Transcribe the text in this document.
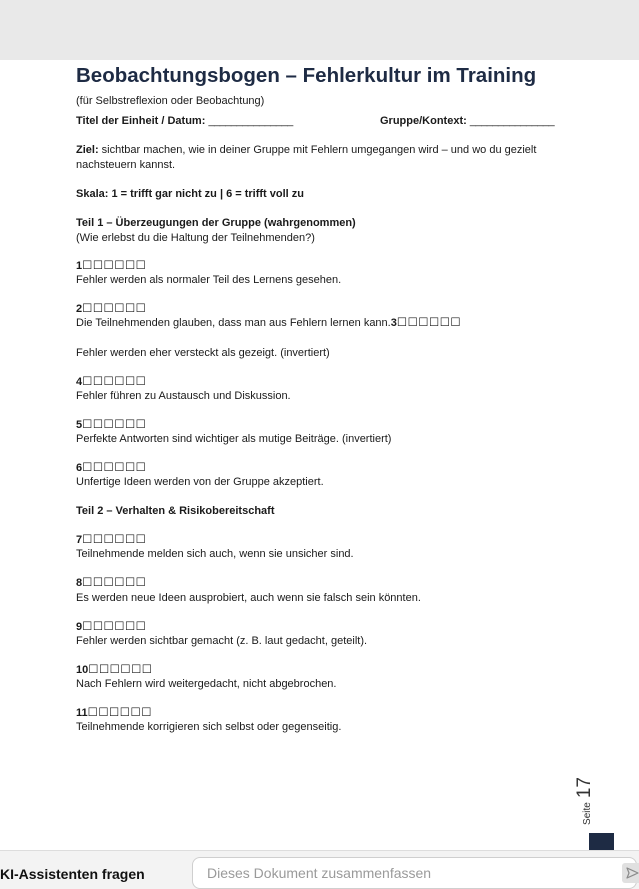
Beobachtungsbogen – Fehlerkultur im Training
(für Selbstreflexion oder Beobachtung)
Titel der Einheit / Datum: _______________	Gruppe/Kontext: _______________
Ziel: sichtbar machen, wie in deiner Gruppe mit Fehlern umgegangen wird – und wo du gezielt
nachsteuern kannst.
Skala: 1 = trifft gar nicht zu | 6 = trifft voll zu
Teil 1 – Überzeugungen der Gruppe (wahrgenommen)
(Wie erlebst du die Haltung der Teilnehmenden?)
1☐☐☐☐☐☐
Fehler werden als normaler Teil des Lernens gesehen.
2☐☐☐☐☐☐
Die Teilnehmenden glauben, dass man aus Fehlern lernen kann.3☐☐☐☐☐☐
Fehler werden eher versteckt als gezeigt. (invertiert)
4☐☐☐☐☐☐
Fehler führen zu Austausch und Diskussion.
5☐☐☐☐☐☐
Perfekte Antworten sind wichtiger als mutige Beiträge. (invertiert)
6☐☐☐☐☐☐
Unfertige Ideen werden von der Gruppe akzeptiert.
Teil 2 – Verhalten & Risikobereitschaft
7☐☐☐☐☐☐
Teilnehmende melden sich auch, wenn sie unsicher sind.
8☐☐☐☐☐☐
Es werden neue Ideen ausprobiert, auch wenn sie falsch sein könnten.
9☐☐☐☐☐☐
Fehler werden sichtbar gemacht (z. B. laut gedacht, geteilt).
10☐☐☐☐☐☐
Nach Fehlern wird weitergedacht, nicht abgebrochen.
11☐☐☐☐☐☐
Teilnehmende korrigieren sich selbst oder gegenseitig.
Seite
17
KI-Assistenten fragen
Dieses Dokument zusammenfassen
